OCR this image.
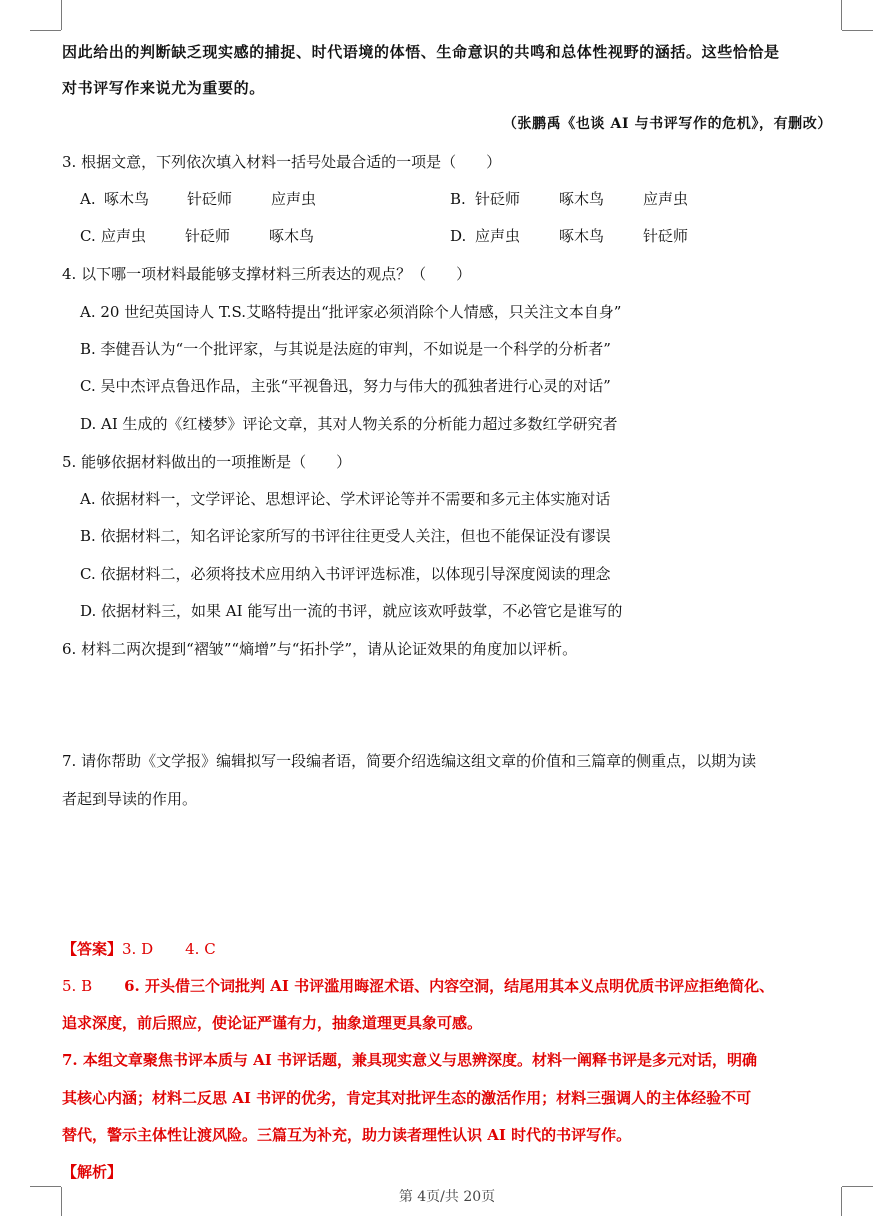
因此给出的判断缺乏现实感的捕捉、时代语境的体悟、生命意识的共鸣和总体性视野的涵括。这些恰恰是
对书评写作来说尤为重要的。
（张鹏禹《也谈 AI 与书评写作的危机》，有删改）
3. 根据文意，下列依次填入材料一括号处最合适的一项是（　　）
A. 啄木鸟	针砭师	应声虫	B. 针砭师	啄木鸟	应声虫
C. 应声虫	针砭师	啄木鸟	D. 应声虫	啄木鸟	针砭师
4. 以下哪一项材料最能够支撑材料三所表达的观点？（　　）
A. 20 世纪英国诗人 T.S.艾略特提出“批评家必须消除个人情感，只关注文本自身”
B. 李健吾认为“一个批评家，与其说是法庭的审判，不如说是一个科学的分析者”
C. 吴中杰评点鲁迅作品，主张“平视鲁迅，努力与伟大的孤独者进行心灵的对话”
D. AI 生成的《红楼梦》评论文章，其对人物关系的分析能力超过多数红学研究者
5. 能够依据材料做出的一项推断是（　　）
A. 依据材料一，文学评论、思想评论、学术评论等并不需要和多元主体实施对话
B. 依据材料二，知名评论家所写的书评往往更受人关注，但也不能保证没有谬误
C. 依据材料二，必须将技术应用纳入书评评选标准，以体现引导深度阅读的理念
D. 依据材料三，如果 AI 能写出一流的书评，就应该欢呼鼓掌，不必管它是谁写的
6. 材料二两次提到“褶皱”“熵增”与“拓扑学”，请从论证效果的角度加以评析。
7. 请你帮助《文学报》编辑拟写一段编者语，简要介绍选编这组文章的价值和三篇章的侧重点，以期为读
者起到导读的作用。
【答案】3. D 4. C
5. B 6. 开头借三个词批判 AI 书评滥用晦涩术语、内容空洞，结尾用其本义点明优质书评应拒绝简化、
追求深度，前后照应，使论证严谨有力，抽象道理更具象可感。
7. 本组文章聚焦书评本质与 AI 书评话题，兼具现实意义与思辨深度。材料一阐释书评是多元对话，明确
其核心内涵；材料二反思 AI 书评的优劣，肯定其对批评生态的激活作用；材料三强调人的主体经验不可
替代，警示主体性让渡风险。三篇互为补充，助力读者理性认识 AI 时代的书评写作。
【解析】
第 4页/共 20页
